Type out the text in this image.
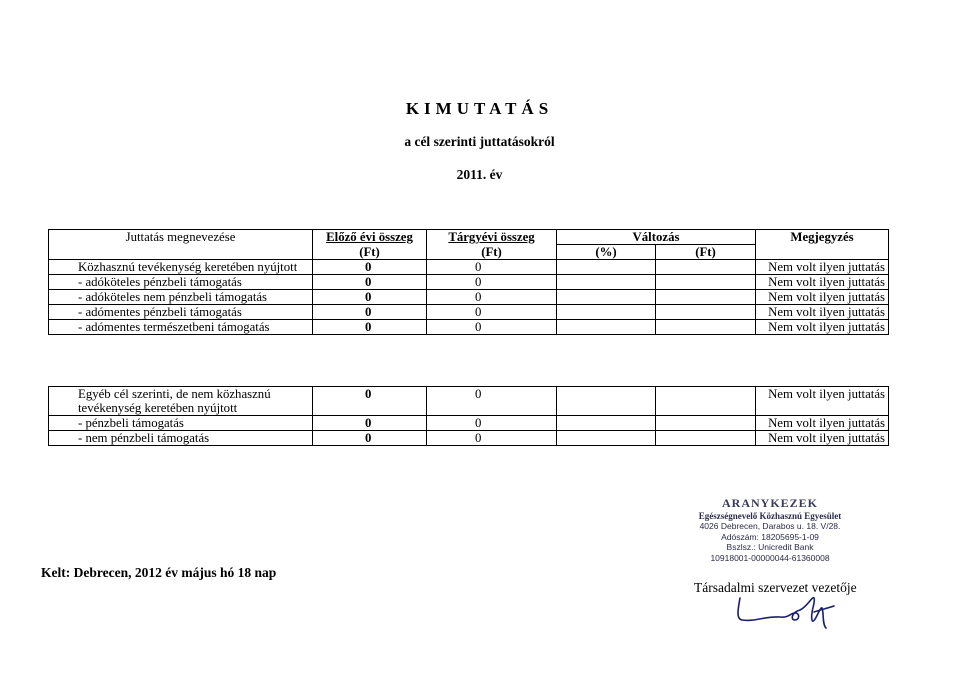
KIMUTATÁS
a cél szerinti juttatásokról
2011. év
Juttatás megnevezése	Előző évi összeg	Tárgyévi összeg	Változás		Megjegyzés
	(Ft)	(Ft)	(%)	(Ft)	
Közhasznú tevékenység keretében nyújtott	0	0			Nem volt ilyen juttatás
- adóköteles pénzbeli támogatás	0	0			Nem volt ilyen juttatás
- adóköteles nem pénzbeli támogatás	0	0			Nem volt ilyen juttatás
- adómentes pénzbeli támogatás	0	0			Nem volt ilyen juttatás
- adómentes természetbeni támogatás	0	0			Nem volt ilyen juttatás
Egyéb cél szerinti, de nem közhasznú tevékenység keretében nyújtott	0	0			Nem volt ilyen juttatás
- pénzbeli támogatás	0	0			Nem volt ilyen juttatás
- nem pénzbeli támogatás	0	0			Nem volt ilyen juttatás
Kelt: Debrecen, 2012 év május hó 18 nap
ARANYKEZEK
Egészségnevelő Közhasznú Egyesület
4026 Debrecen, Darabos u. 18. V/28.
Adószám: 18205695-1-09
Bszlsz.: Unicredit Bank
10918001-00000044-61360008
Társadalmi szervezet vezetője
